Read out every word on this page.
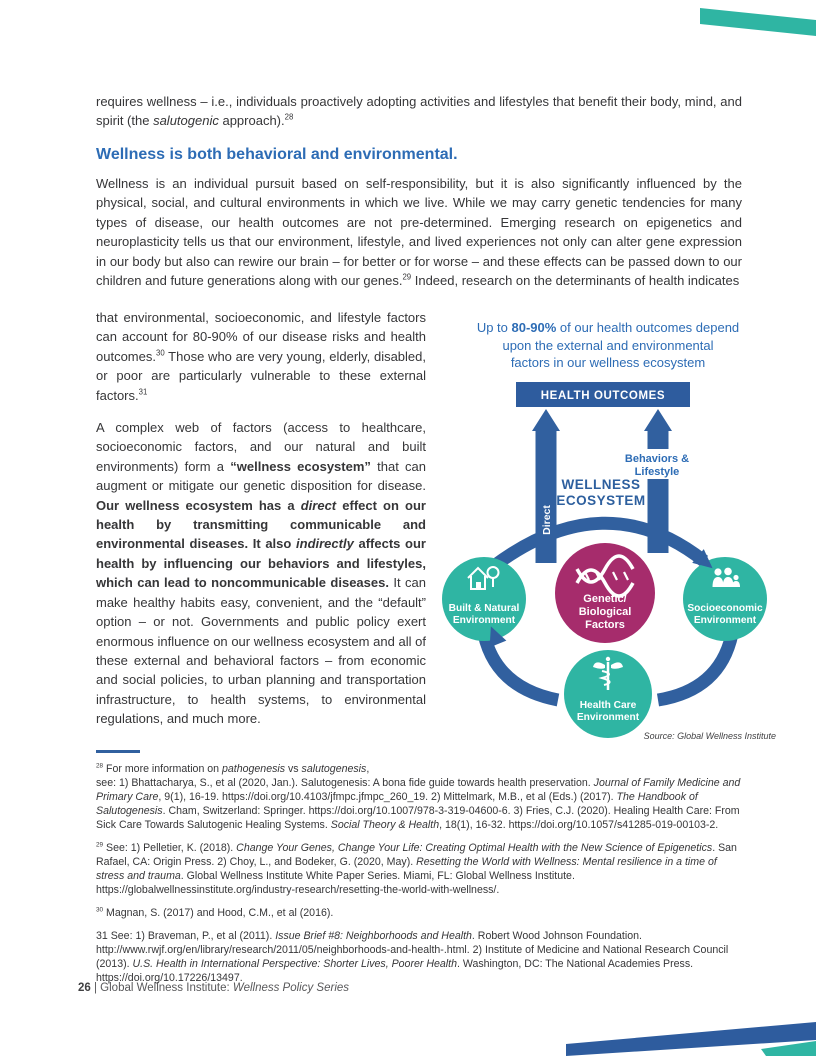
requires wellness – i.e., individuals proactively adopting activities and lifestyles that benefit their body, mind, and spirit (the salutogenic approach).$^{28}$

Wellness is both behavioral and environmental.

Wellness is an individual pursuit based on self-responsibility, but it is also significantly influenced by the physical, social, and cultural environments in which we live. While we may carry genetic tendencies for many types of disease, our health outcomes are not pre-determined. Emerging research on epigenetics and neuroplasticity tells us that our environment, lifestyle, and lived experiences not only can alter gene expression in our body but also can rewire our brain – for better or for worse – and these effects can be passed down to our children and future generations along with our genes.$^{29}$ Indeed, research on the determinants of health indicates

that environmental, socioeconomic, and lifestyle factors can account for 80-90% of our disease risks and health outcomes.$^{30}$ Those who are very young, elderly, disabled, or poor are particularly vulnerable to these external factors.$^{31}$

A complex web of factors (access to healthcare, socioeconomic factors, and our natural and built environments) form a “wellness ecosystem” that can augment or mitigate our genetic disposition for disease. Our wellness ecosystem has a direct effect on our health by transmitting communicable and environmental diseases. It also indirectly affects our health by influencing our behaviors and lifestyles, which can lead to noncommunicable diseases. It can make healthy habits easy, convenient, and the “default” option – or not. Governments and public policy exert enormous influence on our wellness ecosystem and all of these external and behavioral factors – from economic and social policies, to urban planning and transportation infrastructure, to health systems, to environmental regulations, and much more.

Up to 80-90% of our health outcomes depend
upon the external and environmental
factors in our wellness ecosystem
HEALTH OUTCOMES
Direct
Behaviors &
Lifestyle
WELLNESS
ECOSYSTEM
Built & Natural
Environment
Genetic/
Biological
Factors
Socioeconomic
Environment
Health Care
Environment
Source: Global Wellness Institute

$^{28}$ For more information on pathogenesis vs salutogenesis,
see: 1) Bhattacharya, S., et al (2020, Jan.). Salutogenesis: A bona fide guide towards health preservation. Journal of Family Medicine and Primary Care, 9(1), 16-19. https://doi.org/10.4103/jfmpc.jfmpc_260_19. 2) Mittelmark, M.B., et al (Eds.) (2017). The Handbook of Salutogenesis. Cham, Switzerland: Springer. https://doi.org/10.1007/978-3-319-04600-6. 3) Fries, C.J. (2020). Healing Health Care: From Sick Care Towards Salutogenic Healing Systems. Social Theory & Health, 18(1), 16-32. https://doi.org/10.1057/s41285-019-00103-2.

$^{29}$ See: 1) Pelletier, K. (2018). Change Your Genes, Change Your Life: Creating Optimal Health with the New Science of Epigenetics. San Rafael, CA: Origin Press. 2) Choy, L., and Bodeker, G. (2020, May). Resetting the World with Wellness: Mental resilience in a time of stress and trauma. Global Wellness Institute White Paper Series. Miami, FL: Global Wellness Institute. https://globalwellnessinstitute.org/industry-research/resetting-the-world-with-wellness/.

$^{30}$ Magnan, S. (2017) and Hood, C.M., et al (2016).

31 See: 1) Braveman, P., et al (2011). Issue Brief #8: Neighborhoods and Health. Robert Wood Johnson Foundation. http://www.rwjf.org/en/library/research/2011/05/neighborhoods-and-health-.html. 2) Institute of Medicine and National Research Council (2013). U.S. Health in International Perspective: Shorter Lives, Poorer Health. Washington, DC: The National Academies Press. https://doi.org/10.17226/13497.

26 | Global Wellness Institute: Wellness Policy Series
